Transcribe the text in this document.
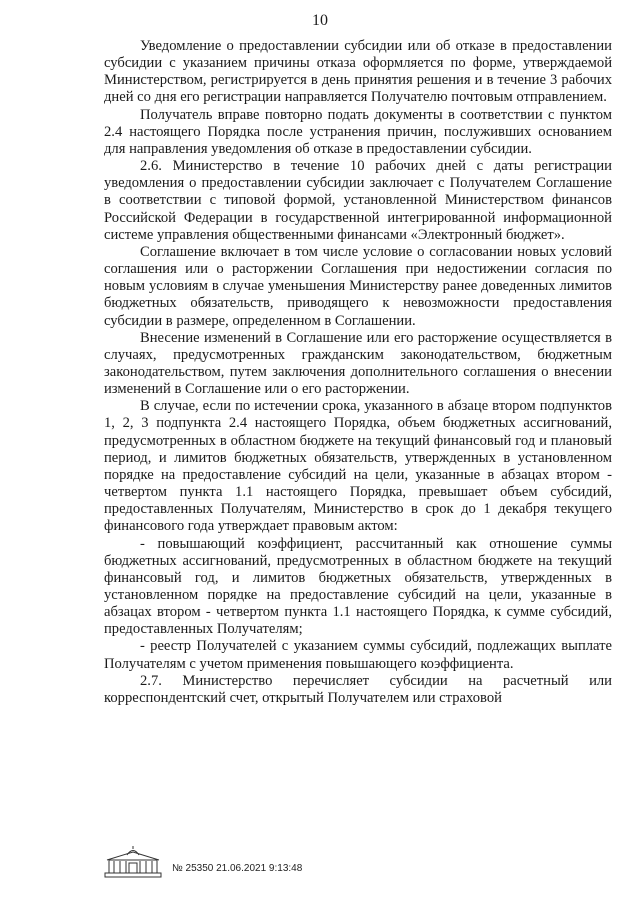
10

Уведомление о предоставлении субсидии или об отказе в предоставлении субсидии с указанием причины отказа оформляется по форме, утверждаемой Министерством, регистрируется в день принятия решения и в течение 3 рабочих дней со дня его регистрации направляется Получателю почтовым отправлением.

Получатель вправе повторно подать документы в соответствии с пунктом 2.4 настоящего Порядка после устранения причин, послуживших основанием для направления уведомления об отказе в предоставлении субсидии.

2.6. Министерство в течение 10 рабочих дней с даты регистрации уведомления о предоставлении субсидии заключает с Получателем Соглашение в соответствии с типовой формой, установленной Министерством финансов Российской Федерации в государственной интегрированной информационной системе управления общественными финансами «Электронный бюджет».

Соглашение включает в том числе условие о согласовании новых условий соглашения или о расторжении Соглашения при недостижении согласия по новым условиям в случае уменьшения Министерству ранее доведенных лимитов бюджетных обязательств, приводящего к невозможности предоставления субсидии в размере, определенном в Соглашении.

Внесение изменений в Соглашение или его расторжение осуществляется в случаях, предусмотренных гражданским законодательством, бюджетным законодательством, путем заключения дополнительного соглашения о внесении изменений в Соглашение или о его расторжении.

В случае, если по истечении срока, указанного в абзаце втором подпунктов 1, 2, 3 подпункта 2.4 настоящего Порядка, объем бюджетных ассигнований, предусмотренных в областном бюджете на текущий финансовый год и плановый период, и лимитов бюджетных обязательств, утвержденных в установленном порядке на предоставление субсидий на цели, указанные в абзацах втором - четвертом пункта 1.1 настоящего Порядка, превышает объем субсидий, предоставленных Получателям, Министерство в срок до 1 декабря текущего финансового года утверждает правовым актом:

- повышающий коэффициент, рассчитанный как отношение суммы бюджетных ассигнований, предусмотренных в областном бюджете на текущий финансовый год, и лимитов бюджетных обязательств, утвержденных в установленном порядке на предоставление субсидий на цели, указанные в абзацах втором - четвертом пункта 1.1 настоящего Порядка, к сумме субсидий, предоставленных Получателям;

- реестр Получателей с указанием суммы субсидий, подлежащих выплате Получателям с учетом применения повышающего коэффициента.

2.7. Министерство перечисляет субсидии на расчетный или корреспондентский счет, открытый Получателем или страховой

№ 25350 21.06.2021 9:13:48
